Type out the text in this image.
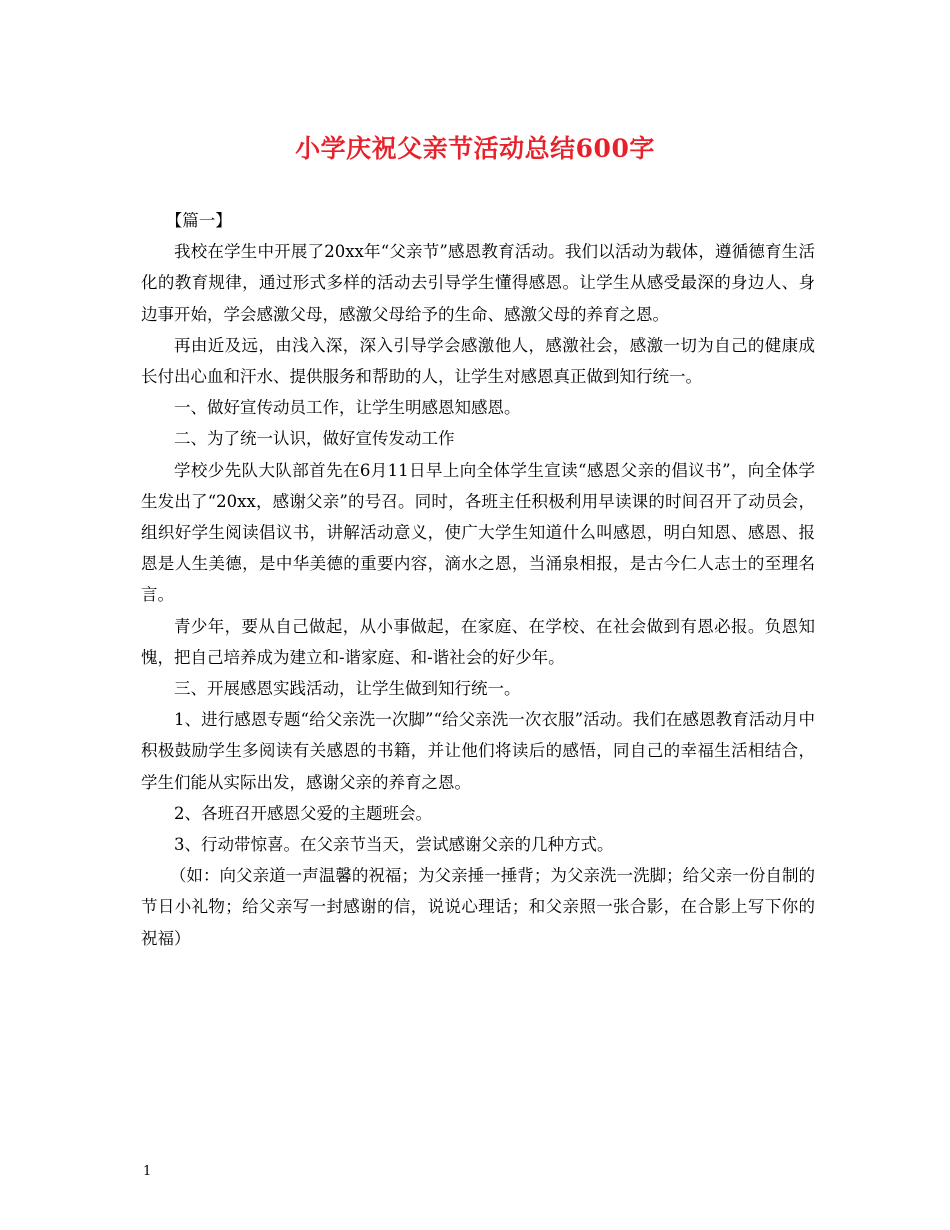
小学庆祝父亲节活动总结600字

【篇一】

我校在学生中开展了20xx年“父亲节”感恩教育活动。我们以活动为载体，遵循德育生活化的教育规律，通过形式多样的活动去引导学生懂得感恩。让学生从感受最深的身边人、身边事开始，学会感激父母，感激父母给予的生命、感激父母的养育之恩。

再由近及远，由浅入深，深入引导学会感激他人，感激社会，感激一切为自己的健康成长付出心血和汗水、提供服务和帮助的人，让学生对感恩真正做到知行统一。

一、做好宣传动员工作，让学生明感恩知感恩。

二、为了统一认识，做好宣传发动工作

学校少先队大队部首先在6月11日早上向全体学生宣读“感恩父亲的倡议书”，向全体学生发出了“20xx，感谢父亲”的号召。同时，各班主任积极利用早读课的时间召开了动员会，组织好学生阅读倡议书，讲解活动意义，使广大学生知道什么叫感恩，明白知恩、感恩、报恩是人生美德，是中华美德的重要内容，滴水之恩，当涌泉相报，是古今仁人志士的至理名言。

青少年，要从自己做起，从小事做起，在家庭、在学校、在社会做到有恩必报。负恩知愧，把自己培养成为建立和-谐家庭、和-谐社会的好少年。

三、开展感恩实践活动，让学生做到知行统一。

1、进行感恩专题“给父亲洗一次脚”“给父亲洗一次衣服”活动。我们在感恩教育活动月中积极鼓励学生多阅读有关感恩的书籍，并让他们将读后的感悟，同自己的幸福生活相结合，学生们能从实际出发，感谢父亲的养育之恩。

2、各班召开感恩父爱的主题班会。

3、行动带惊喜。在父亲节当天，尝试感谢父亲的几种方式。

（如：向父亲道一声温馨的祝福；为父亲捶一捶背；为父亲洗一洗脚；给父亲一份自制的节日小礼物；给父亲写一封感谢的信，说说心理话；和父亲照一张合影，在合影上写下你的祝福）

1
